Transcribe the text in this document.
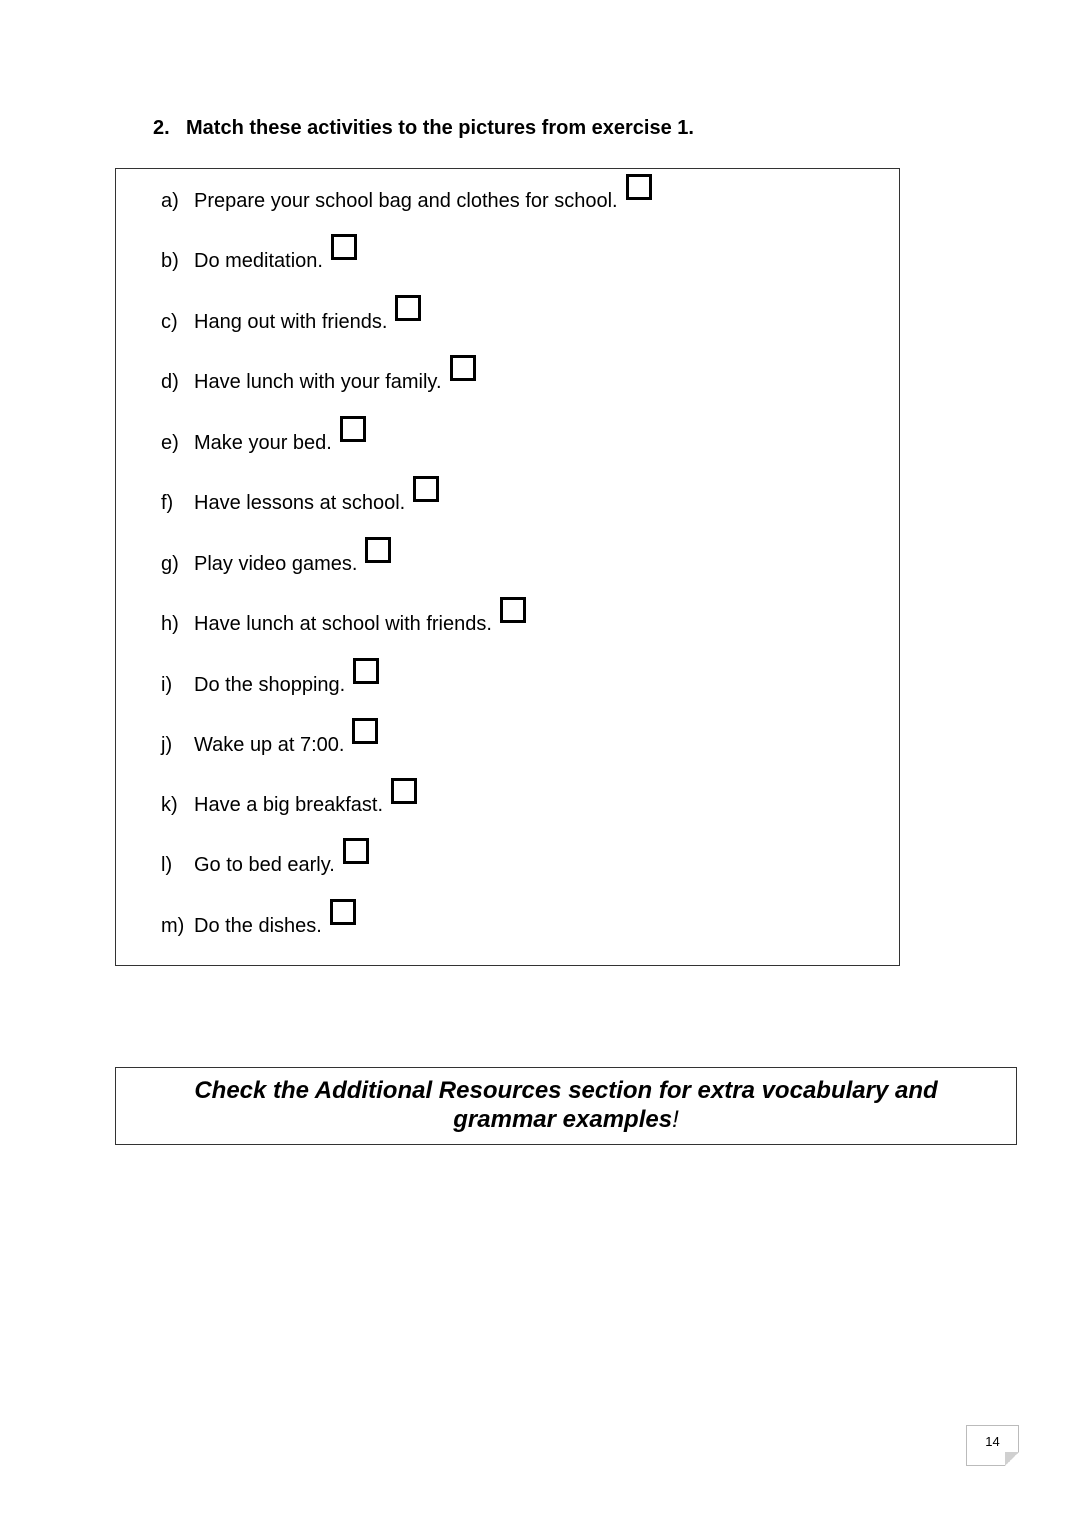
2. Match these activities to the pictures from exercise 1.
a) Prepare your school bag and clothes for school.
b) Do meditation.
c) Hang out with friends.
d) Have lunch with your family.
e) Make your bed.
f) Have lessons at school.
g) Play video games.
h) Have lunch at school with friends.
i) Do the shopping.
j) Wake up at 7:00.
k) Have a big breakfast.
l) Go to bed early.
m) Do the dishes.
Check the Additional Resources section for extra vocabulary and
grammar examples!
14
